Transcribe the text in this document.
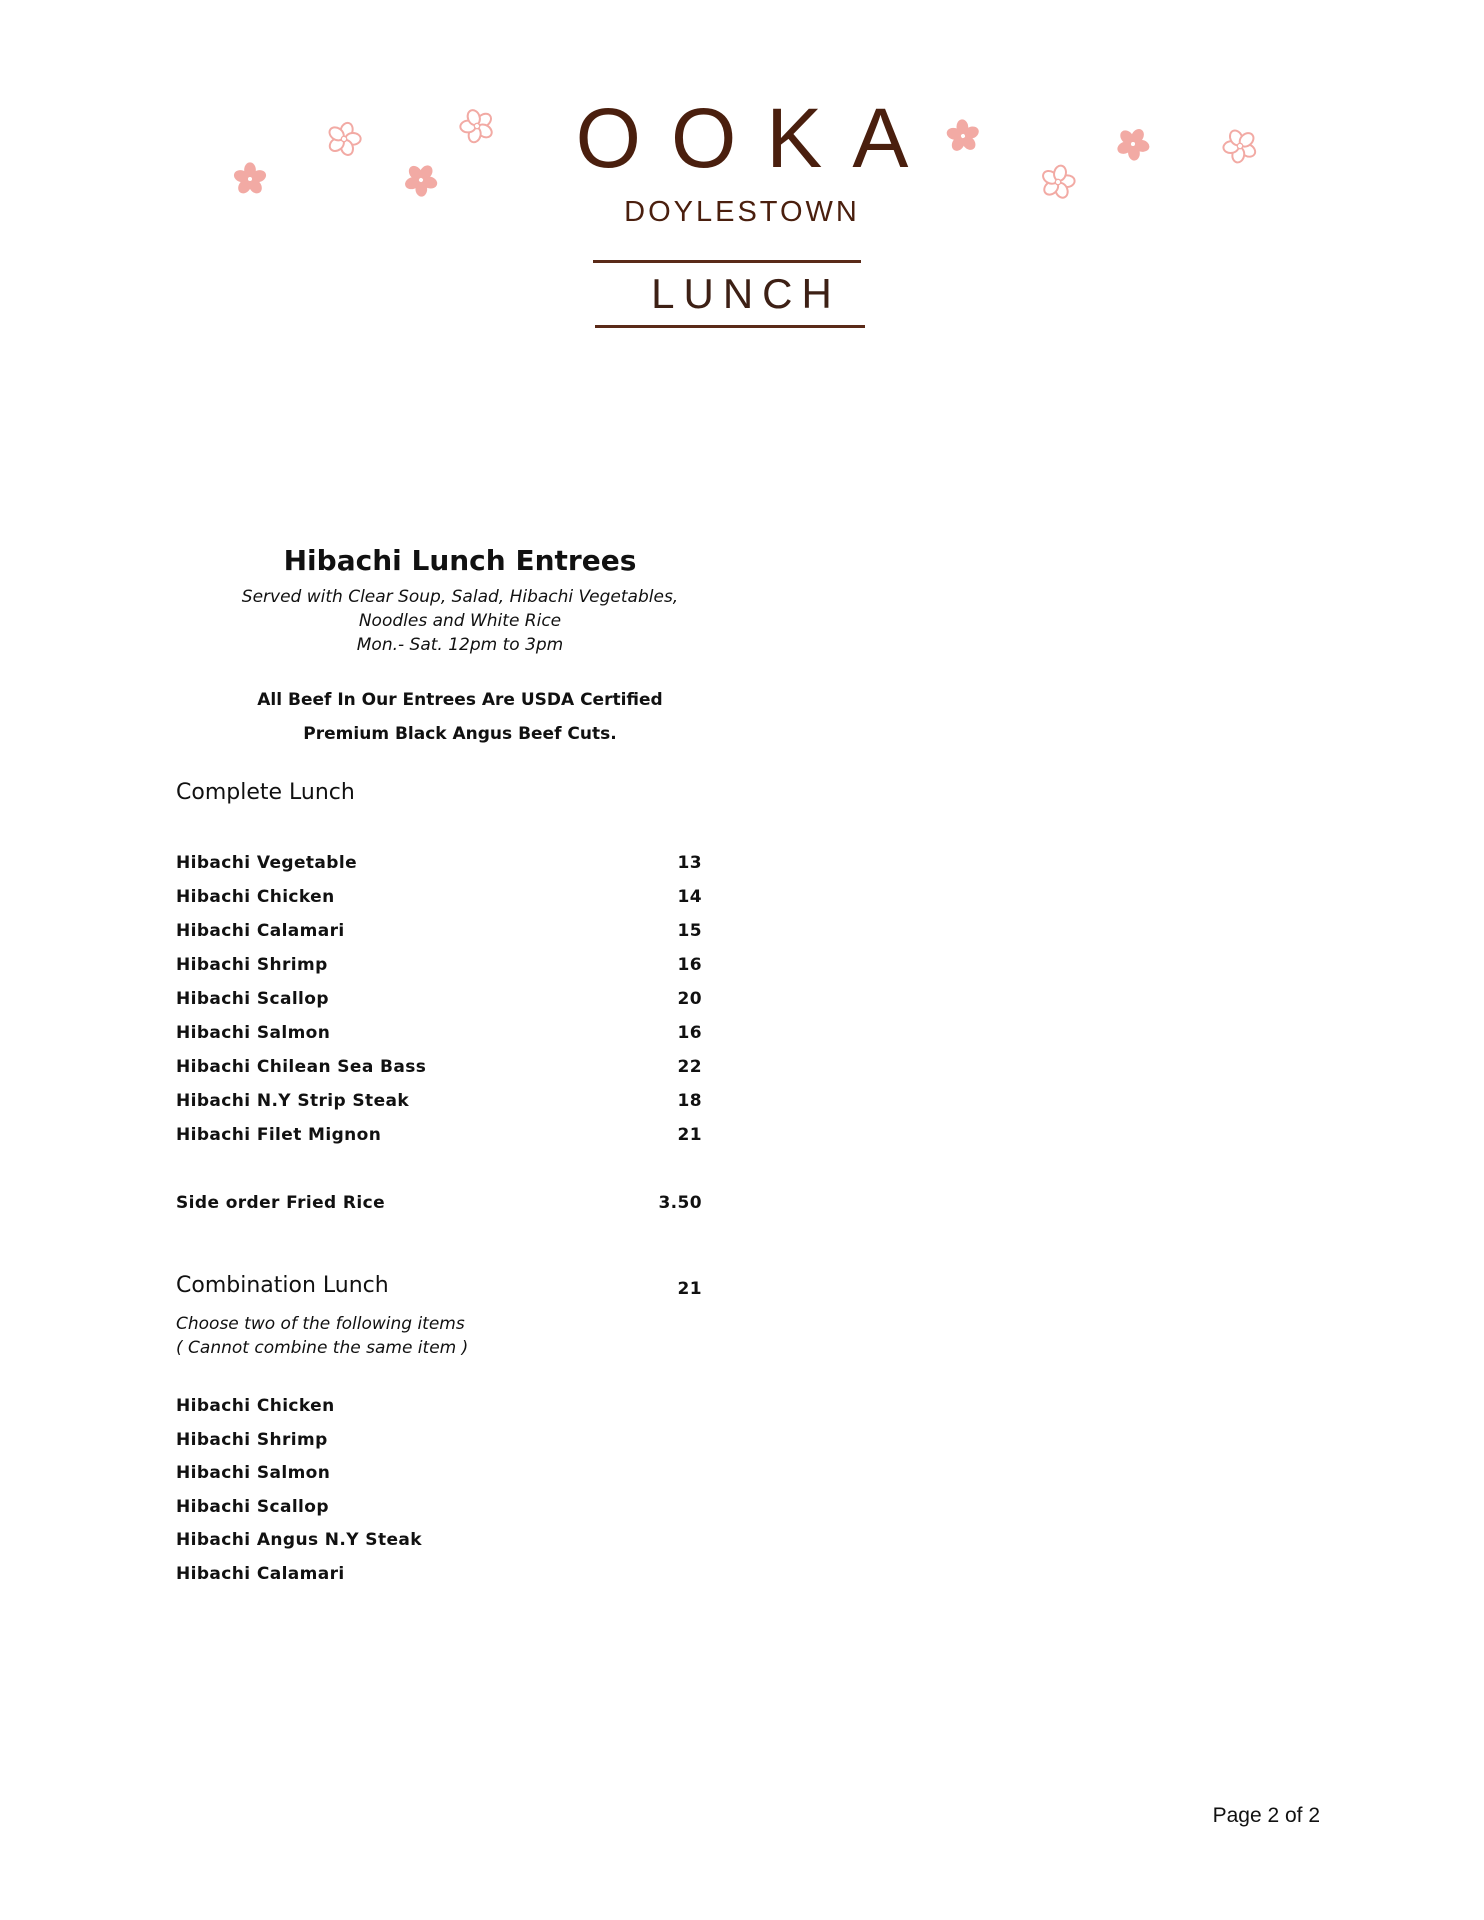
OOKA
DOYLESTOWN
LUNCH
Hibachi Lunch Entrees
Served with Clear Soup, Salad, Hibachi Vegetables,
Noodles and White Rice
Mon.- Sat. 12pm to 3pm
All Beef In Our Entrees Are USDA Certified
Premium Black Angus Beef Cuts.
Complete Lunch
Hibachi Vegetable	13
Hibachi Chicken	14
Hibachi Calamari	15
Hibachi Shrimp	16
Hibachi Scallop	20
Hibachi Salmon	16
Hibachi Chilean Sea Bass	22
Hibachi N.Y Strip Steak	18
Hibachi Filet Mignon	21
Side order Fried Rice	3.50
Combination Lunch	21
Choose two of the following items
( Cannot combine the same item )
Hibachi Chicken
Hibachi Shrimp
Hibachi Salmon
Hibachi Scallop
Hibachi Angus N.Y Steak
Hibachi Calamari
Page 2 of 2
